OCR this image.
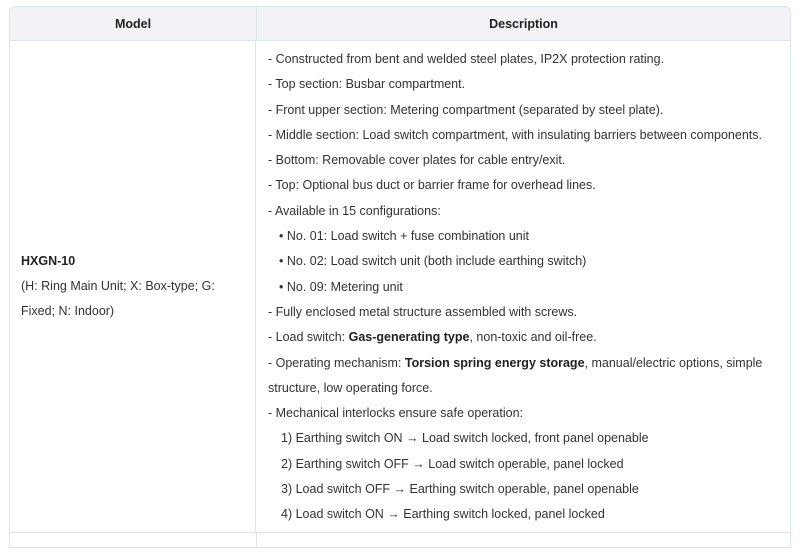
Model	Description
HXGN-10
(H: Ring Main Unit; X: Box-type; G: Fixed; N: Indoor)
- Constructed from bent and welded steel plates, IP2X protection rating.
- Top section: Busbar compartment.
- Front upper section: Metering compartment (separated by steel plate).
- Middle section: Load switch compartment, with insulating barriers between components.
- Bottom: Removable cover plates for cable entry/exit.
- Top: Optional bus duct or barrier frame for overhead lines.
- Available in 15 configurations:
• No. 01: Load switch + fuse combination unit
• No. 02: Load switch unit (both include earthing switch)
• No. 09: Metering unit
- Fully enclosed metal structure assembled with screws.
- Load switch: Gas-generating type, non-toxic and oil-free.
- Operating mechanism: Torsion spring energy storage, manual/electric options, simple structure, low operating force.
- Mechanical interlocks ensure safe operation:
1) Earthing switch ON → Load switch locked, front panel openable
2) Earthing switch OFF → Load switch operable, panel locked
3) Load switch OFF → Earthing switch operable, panel openable
4) Load switch ON → Earthing switch locked, panel locked
